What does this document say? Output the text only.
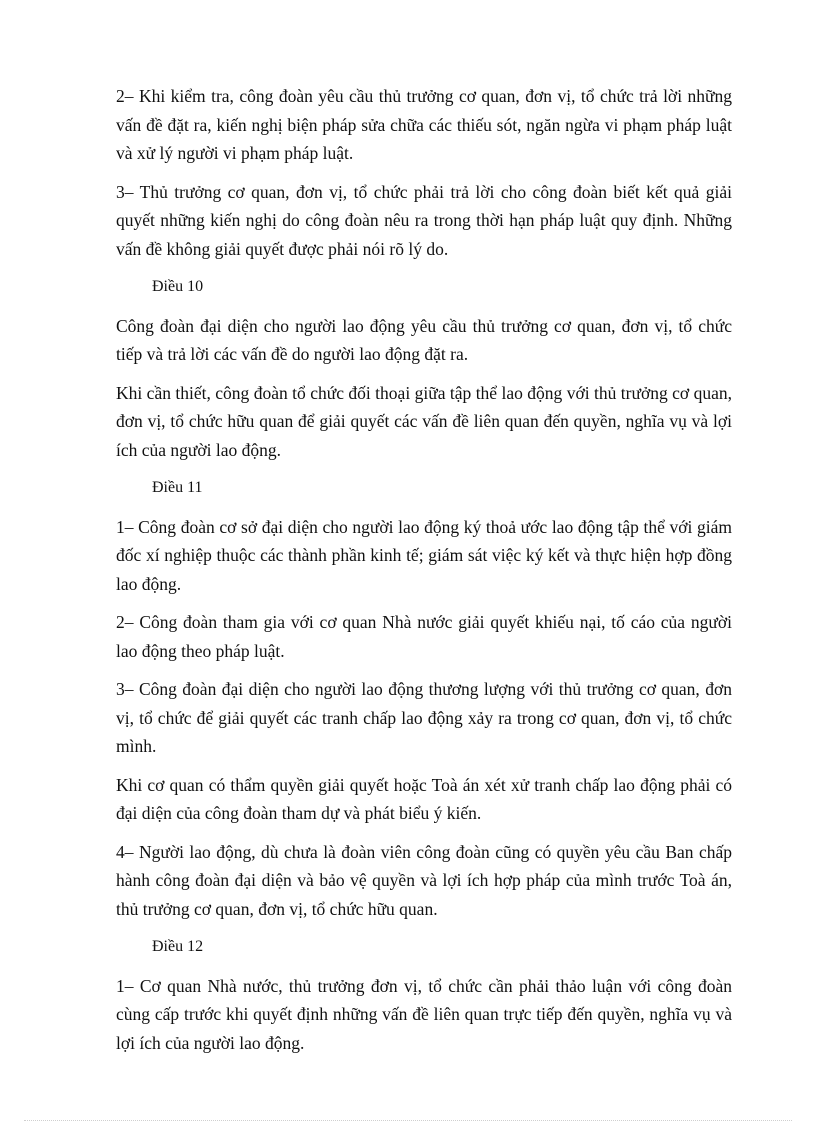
2– Khi kiểm tra, công đoàn yêu cầu thủ trưởng cơ quan, đơn vị, tổ chức trả lời những vấn đề đặt ra, kiến nghị biện pháp sửa chữa các thiếu sót, ngăn ngừa vi phạm pháp luật và xử lý người vi phạm pháp luật.

3– Thủ trưởng cơ quan, đơn vị, tổ chức phải trả lời cho công đoàn biết kết quả giải quyết những kiến nghị do công đoàn nêu ra trong thời hạn pháp luật quy định. Những vấn đề không giải quyết được phải nói rõ lý do.

Điều 10

Công đoàn đại diện cho người lao động yêu cầu thủ trưởng cơ quan, đơn vị, tổ chức tiếp và trả lời các vấn đề do người lao động đặt ra.

Khi cần thiết, công đoàn tổ chức đối thoại giữa tập thể lao động với thủ trưởng cơ quan, đơn vị, tổ chức hữu quan để giải quyết các vấn đề liên quan đến quyền, nghĩa vụ và lợi ích của người lao động.

Điều 11

1– Công đoàn cơ sở đại diện cho người lao động ký thoả ước lao động tập thể với giám đốc xí nghiệp thuộc các thành phần kinh tế; giám sát việc ký kết và thực hiện hợp đồng lao động.

2– Công đoàn tham gia với cơ quan Nhà nước giải quyết khiếu nại, tố cáo của người lao động theo pháp luật.

3– Công đoàn đại diện cho người lao động thương lượng với thủ trưởng cơ quan, đơn vị, tổ chức để giải quyết các tranh chấp lao động xảy ra trong cơ quan, đơn vị, tổ chức mình.

Khi cơ quan có thẩm quyền giải quyết hoặc Toà án xét xử tranh chấp lao động phải có đại diện của công đoàn tham dự và phát biểu ý kiến.

4– Người lao động, dù chưa là đoàn viên công đoàn cũng có quyền yêu cầu Ban chấp hành công đoàn đại diện và bảo vệ quyền và lợi ích hợp pháp của mình trước Toà án, thủ trưởng cơ quan, đơn vị, tổ chức hữu quan.

Điều 12

1– Cơ quan Nhà nước, thủ trưởng đơn vị, tổ chức cần phải thảo luận với công đoàn cùng cấp trước khi quyết định những vấn đề liên quan trực tiếp đến quyền, nghĩa vụ và lợi ích của người lao động.
